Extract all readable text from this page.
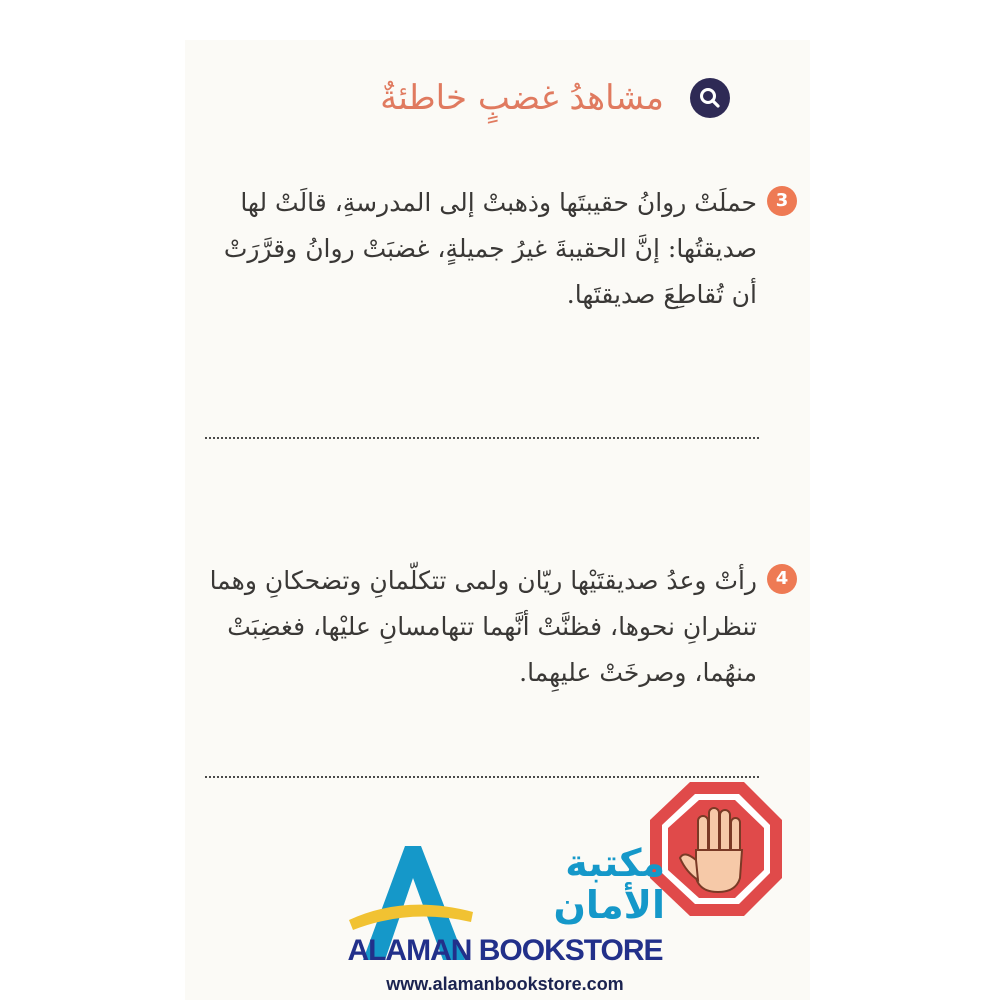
مشاهدُ غضبٍ خاطئةٌ
3
حملَتْ روانُ حقيبتَها وذهبتْ إلى المدرسةِ، قالَتْ لها صديقتُها: إنَّ الحقيبةَ غيرُ جميلةٍ، غضبَتْ روانُ وقرَّرَتْ أن تُقاطِعَ صديقتَها.
4
رأتْ وعدُ صديقتَيْها ريّان ولمى تتكلّمانِ وتضحكانِ وهما تنظرانِ نحوها، فظنَّتْ أنَّهما تتهامسانِ عليْها، فغضِبَتْ منهُما، وصرخَتْ عليهِما.
مكتبة
الأمان
ALAMAN BOOKSTORE
www.alamanbookstore.com
